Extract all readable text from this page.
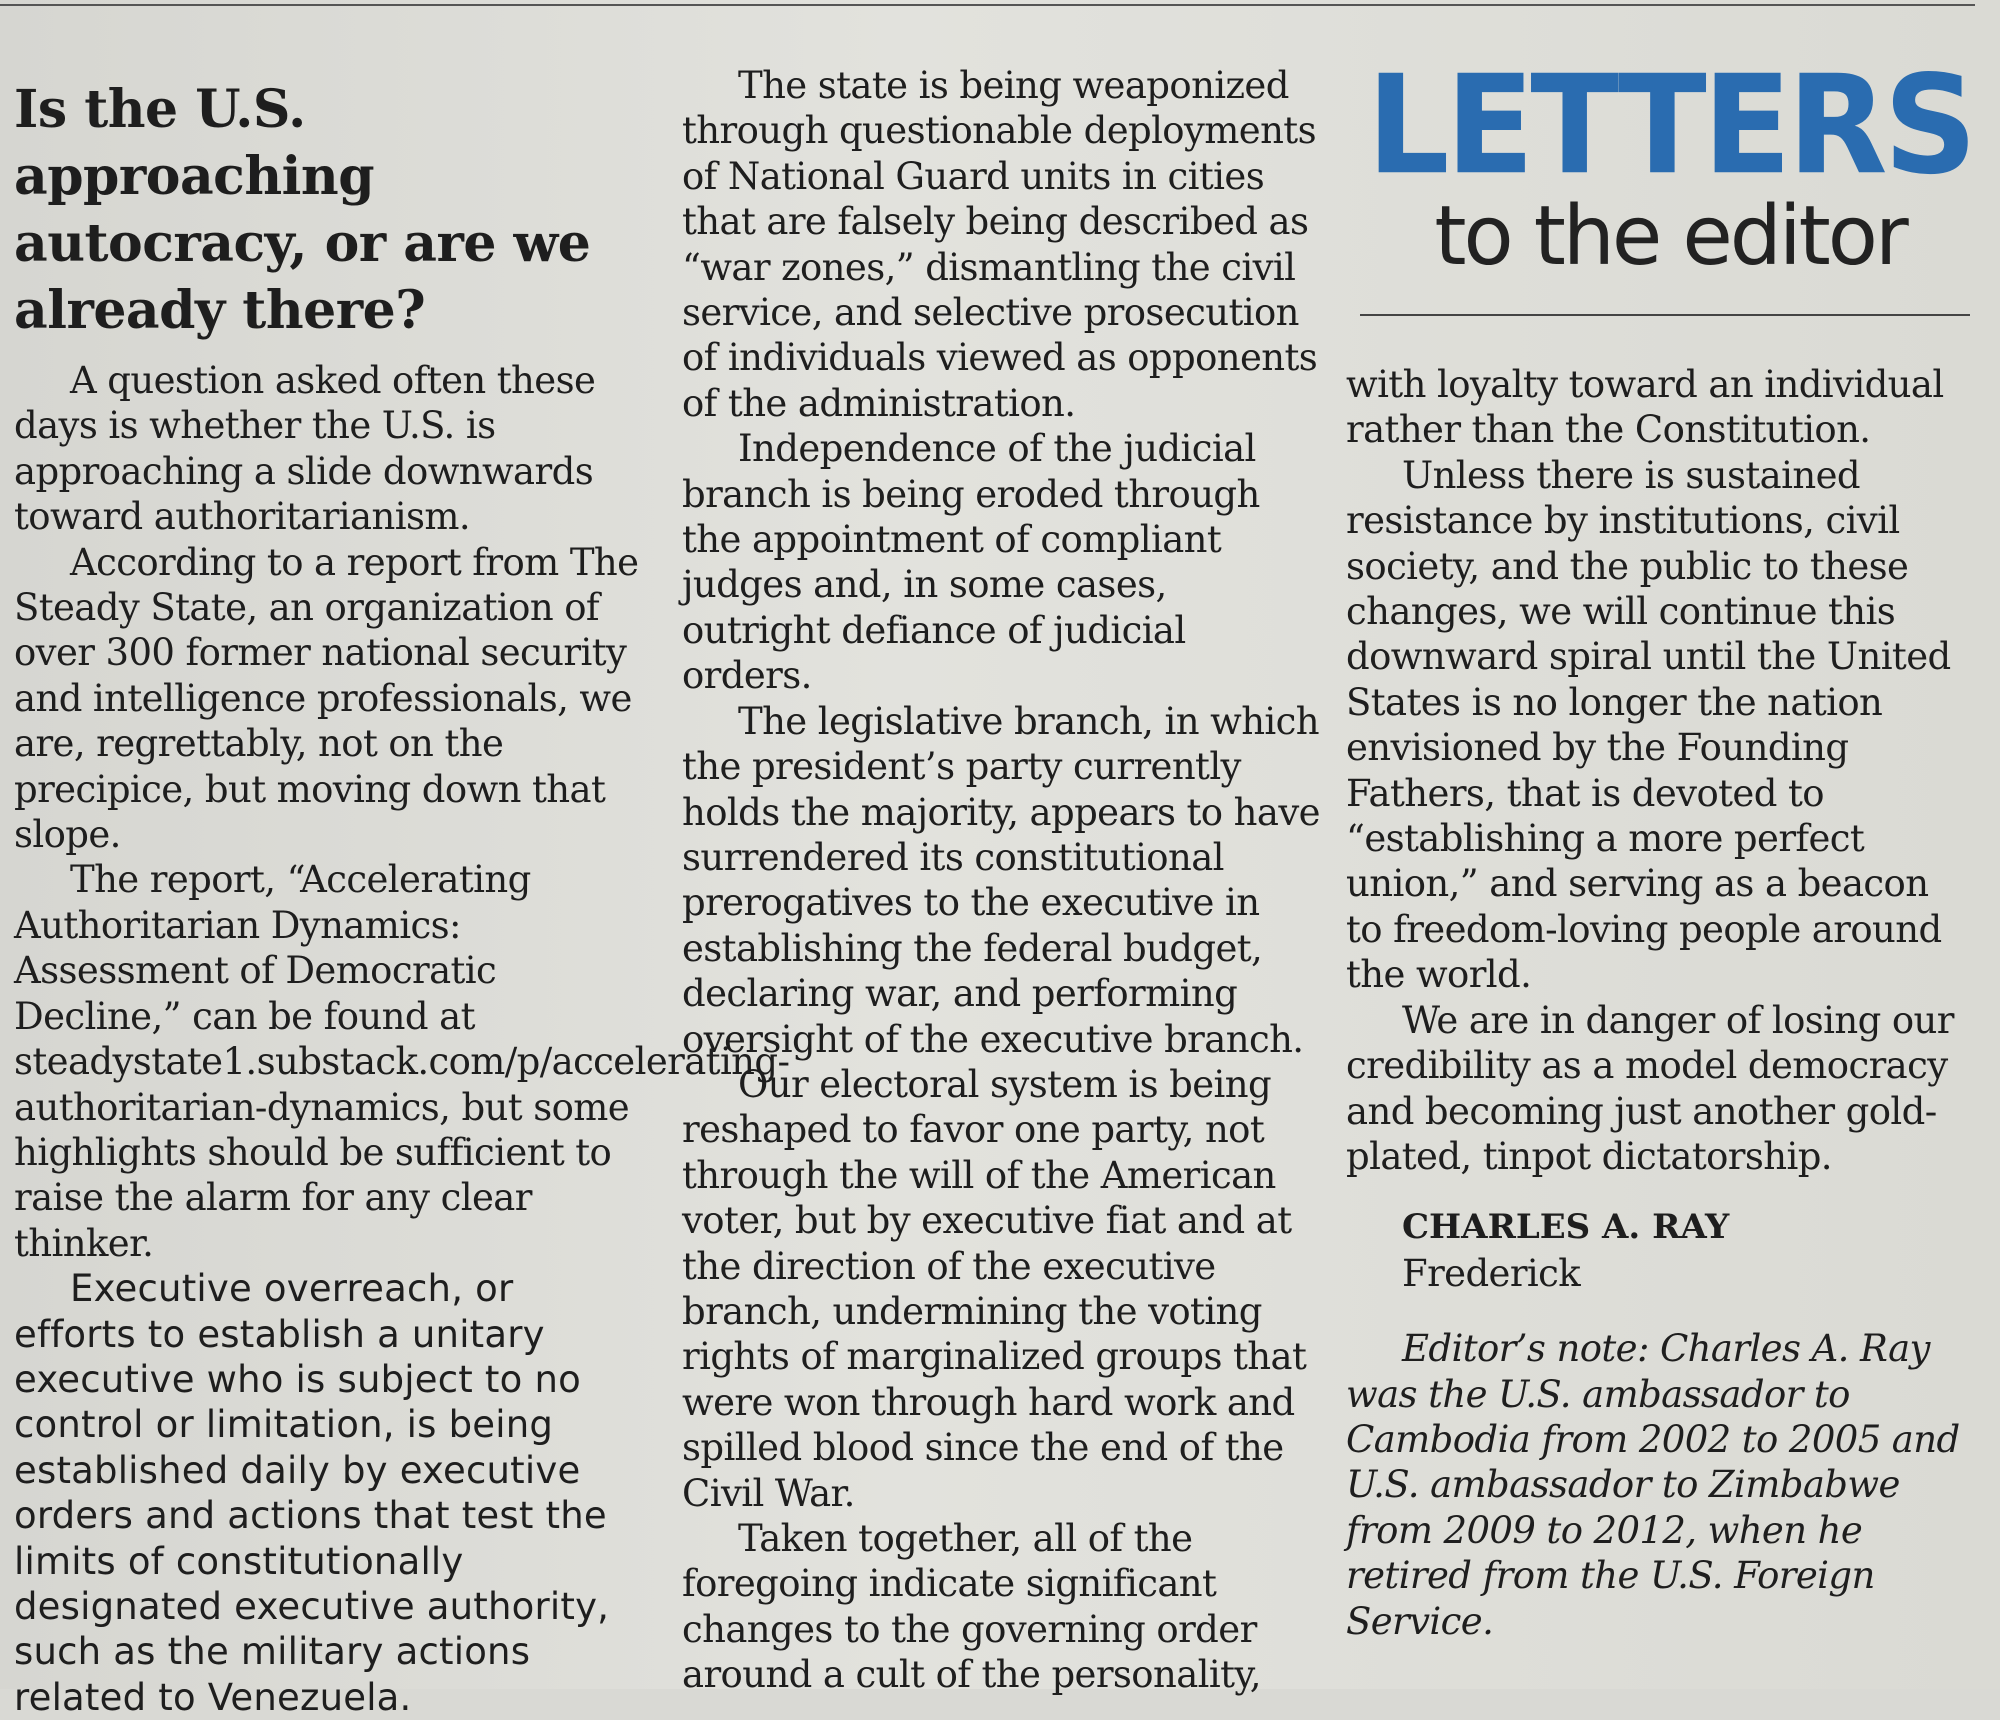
Is the U.S. approaching autocracy, or are we already there?

A question asked often these days is whether the U.S. is approaching a slide downwards toward authoritarianism.

According to a report from The Steady State, an organization of over 300 former national security and intelligence professionals, we are, regrettably, not on the precipice, but moving down that slope.

The report, “Accelerating Authoritarian Dynamics: Assessment of Democratic Decline,” can be found at steadystate1.substack.com/p/accelerating-authoritarian-dynamics, but some highlights should be sufficient to raise the alarm for any clear thinker.

Executive overreach, or efforts to establish a unitary executive who is subject to no control or limitation, is being established daily by executive orders and actions that test the limits of constitutionally designated executive authority, such as the military actions related to Venezuela.

The state is being weaponized through questionable deployments of National Guard units in cities that are falsely being described as “war zones,” dismantling the civil service, and selective prosecution of individuals viewed as opponents of the administration.

Independence of the judicial branch is being eroded through the appointment of compliant judges and, in some cases, outright defiance of judicial orders.

The legislative branch, in which the president’s party currently holds the majority, appears to have surrendered its constitutional prerogatives to the executive in establishing the federal budget, declaring war, and performing oversight of the executive branch.

Our electoral system is being reshaped to favor one party, not through the will of the American voter, but by executive fiat and at the direction of the executive branch, undermining the voting rights of marginalized groups that were won through hard work and spilled blood since the end of the Civil War.

Taken together, all of the foregoing indicate significant changes to the governing order around a cult of the personality,

LETTERS
to the editor

with loyalty toward an individual rather than the Constitution.

Unless there is sustained resistance by institutions, civil society, and the public to these changes, we will continue this downward spiral until the United States is no longer the nation envisioned by the Founding Fathers, that is devoted to “establishing a more perfect union,” and serving as a beacon to freedom-loving people around the world.

We are in danger of losing our credibility as a model democracy and becoming just another gold-plated, tinpot dictatorship.

CHARLES A. RAY
Frederick

Editor’s note: Charles A. Ray was the U.S. ambassador to Cambodia from 2002 to 2005 and U.S. ambassador to Zimbabwe from 2009 to 2012, when he retired from the U.S. Foreign Service.
